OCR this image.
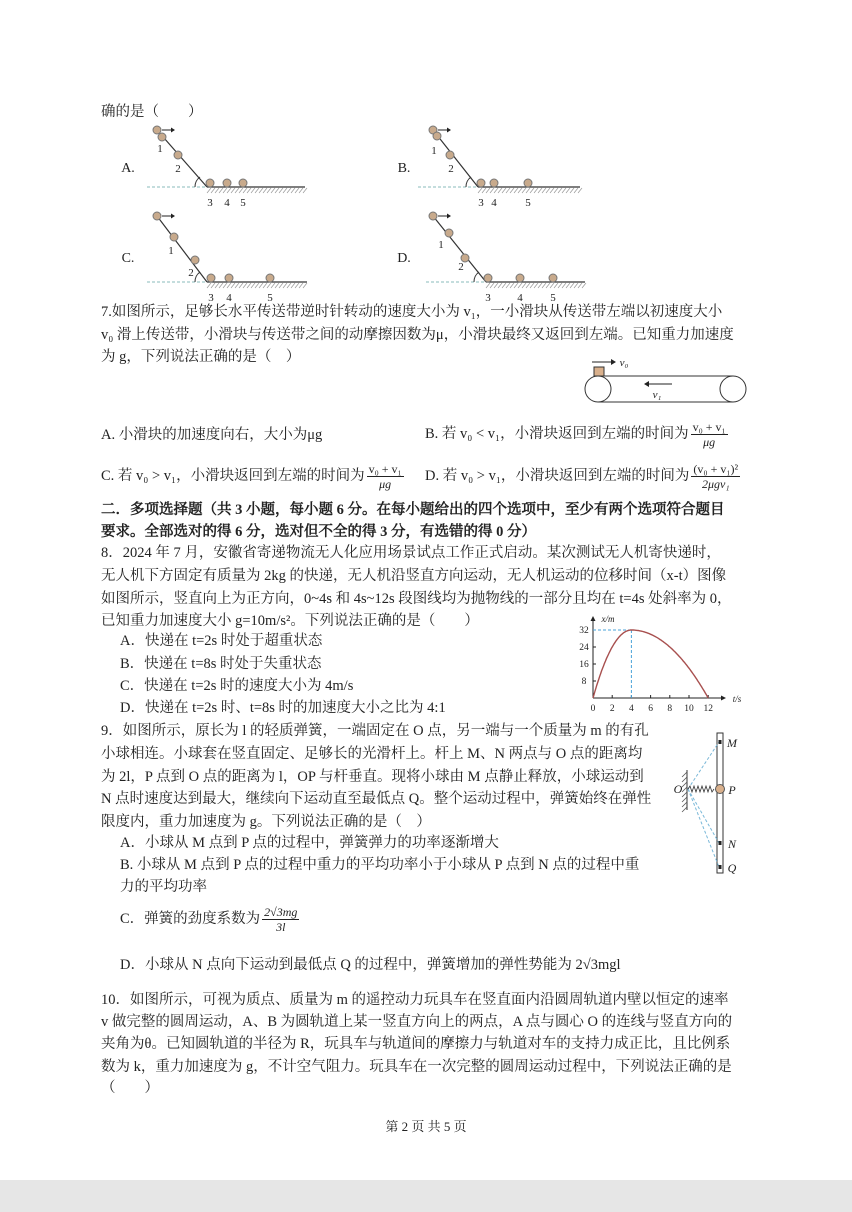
确的是（　　）
A.
1
2
3 4 5
B.
1
2
3 4	5
C.	1
2
3 4	5
D.
1
2
3 4	5
v₀
v₁
x/m
t/s
8
16
24
32
0 2 4 6 8 10 12
M
N
Q
P
O
7.如图所示，足够长水平传送带逆时针转动的速度大小为 v₁，一小滑块从传送带左端以初速度大小
v₀ 滑上传送带，小滑块与传送带之间的动摩擦因数为μ，小滑块最终又返回到左端。已知重力加速度
为 g，下列说法正确的是（　）
A. 小滑块的加速度向右，大小为μg	B. 若 v₀ < v₁，小滑块返回到左端的时间为 $\frac{\text{v₀ + v₁}}{\mu g}$
C. 若 v₀ > v₁，小滑块返回到左端的时间为 $\frac{\text{v₀ + v₁}}{\mu g} D$. 若 v₀ > v₁，小滑块返回到左端的时间为 $\frac{\text{(v₀ + v₁)²}}{\text{2μgv₁}}$
二．多项选择题（共 3 小题，每小题 6 分。在每小题给出的四个选项中，至少有两个选项符合题目
要求。全部选对的得 6 分，选对但不全的得 3 分，有选错的得 0 分）
8．2024 年 7 月，安徽省寄递物流无人化应用场景试点工作正式启动。某次测试无人机寄快递时，
无人机下方固定有质量为 2kg 的快递，无人机沿竖直方向运动，无人机运动的位移时间（x-t）图像
如图所示，竖直向上为正方向，0~4s 和 4s~12s 段图线均为抛物线的一部分且均在 t=4s 处斜率为 0，
已知重力加速度大小 g=10m/s²。下列说法正确的是（　　）
A．快递在 t=2s 时处于超重状态
B．快递在 t=8s 时处于失重状态
C．快递在 t=2s 时的速度大小为 4m/s
D．快递在 t=2s 时、t=8s 时的加速度大小之比为 4:1
9．如图所示，原长为 l 的轻质弹簧，一端固定在 O 点，另一端与一个质量为 m 的有孔
小球相连。小球套在竖直固定、足够长的光滑杆上。杆上 M、N 两点与 O 点的距离均
为 2l，P 点到 O 点的距离为 l，OP 与杆垂直。现将小球由 M 点静止释放，小球运动到
N 点时速度达到最大，继续向下运动直至最低点 Q。整个运动过程中，弹簧始终在弹性
限度内，重力加速度为 g。下列说法正确的是（　）
A．小球从 M 点到 P 点的过程中，弹簧弹力的功率逐渐增大
B. 小球从 M 点到 P 点的过程中重力的平均功率小于小球从 P 点到 N 点的过程中重
力的平均功率
C．弹簧的劲度系数为 $\frac{2√3mg}{3l}$
D．小球从 N 点向下运动到最低点 Q 的过程中，弹簧增加的弹性势能为 2√3mgl
10．如图所示，可视为质点、质量为 m 的遥控动力玩具车在竖直面内沿圆周轨道内壁以恒定的速率
v 做完整的圆周运动，A、B 为圆轨道上某一竖直方向上的两点，A 点与圆心 O 的连线与竖直方向的
夹角为θ。已知圆轨道的半径为 R，玩具车与轨道间的摩擦力与轨道对车的支持力成正比，且比例系
数为 k，重力加速度为 g，不计空气阻力。玩具车在一次完整的圆周运动过程中，下列说法正确的是
（　　）
第 2 页 共 5 页
